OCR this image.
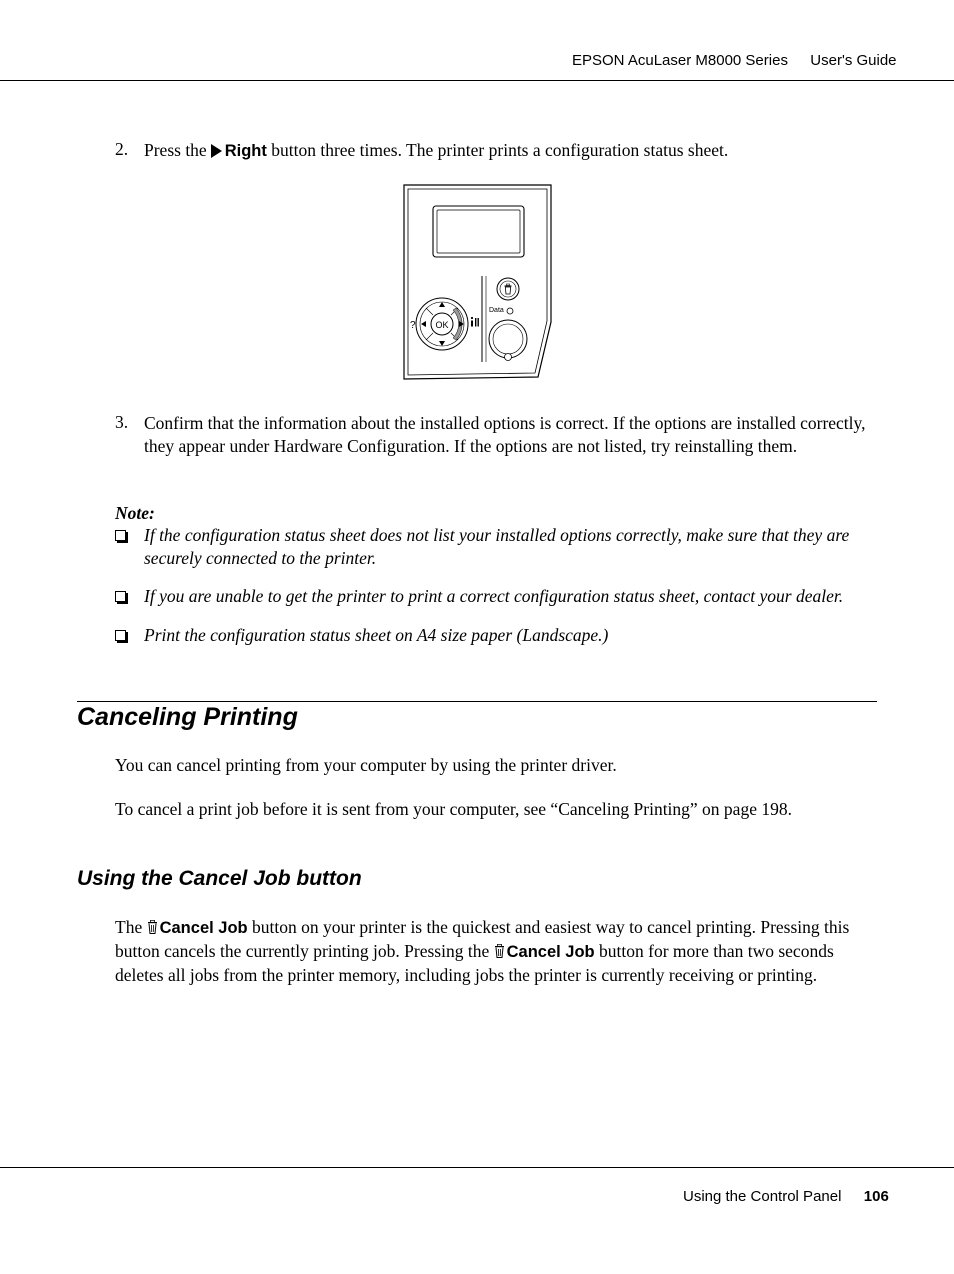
EPSON AcuLaser M8000 Series User's Guide
2. Press the Right button three times. The printer prints a configuration status sheet.
OK
?
Data
3. Confirm that the information about the installed options is correct. If the options are installed correctly, they appear under Hardware Configuration. If the options are not listed, try reinstalling them.
Note:
If the configuration status sheet does not list your installed options correctly, make sure that they are securely connected to the printer.
If you are unable to get the printer to print a correct configuration status sheet, contact your dealer.
Print the configuration status sheet on A4 size paper (Landscape.)
Canceling Printing
You can cancel printing from your computer by using the printer driver.
To cancel a print job before it is sent from your computer, see “Canceling Printing” on page 198.
Using the Cancel Job button
The Cancel Job button on your printer is the quickest and easiest way to cancel printing. Pressing this button cancels the currently printing job. Pressing the Cancel Job button for more than two seconds deletes all jobs from the printer memory, including jobs the printer is currently receiving or printing.
Using the Control Panel 106
